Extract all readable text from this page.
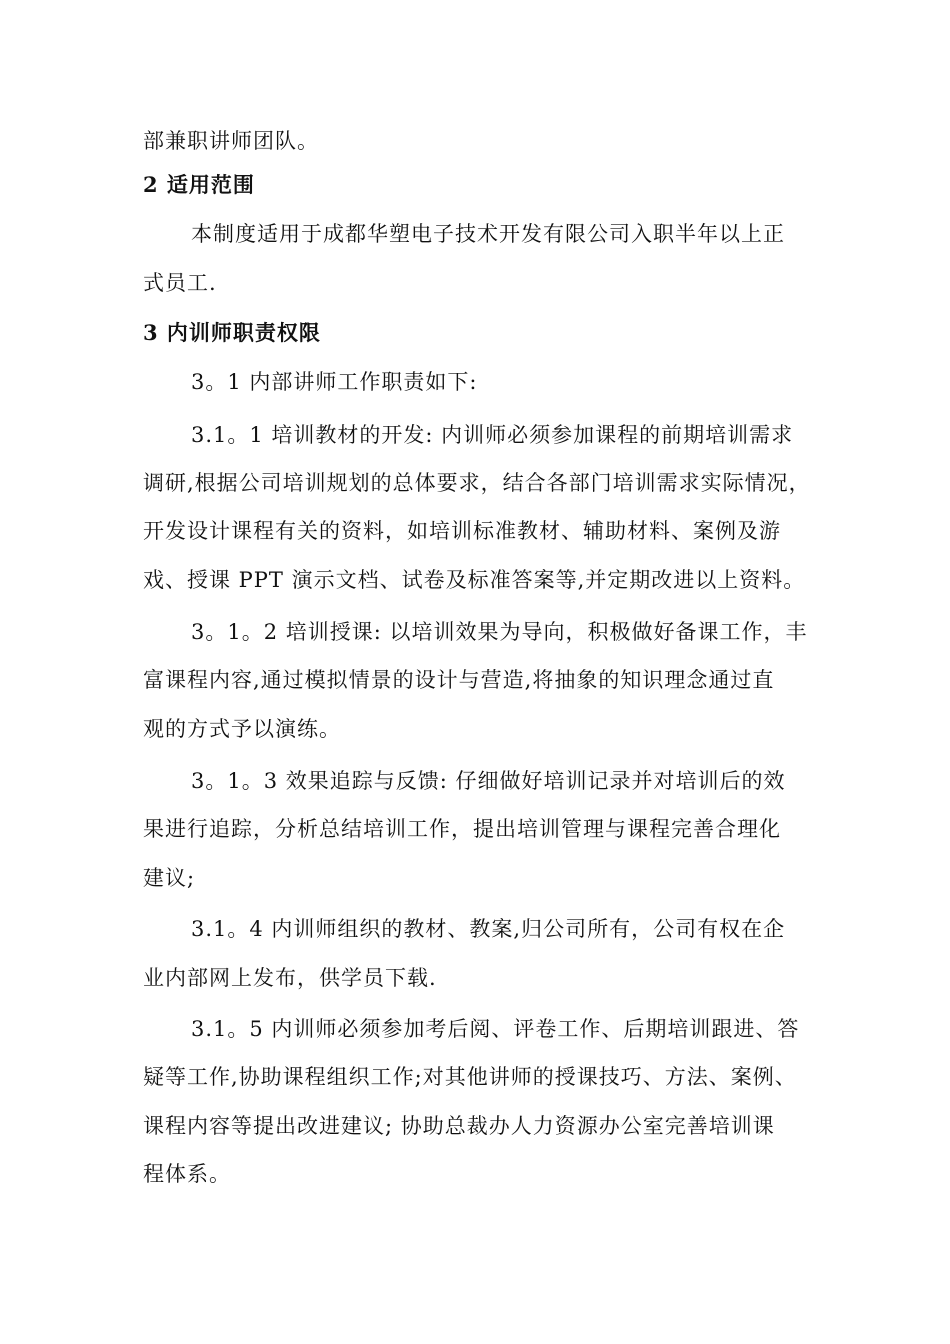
部兼职讲师团队。
2 适用范围
本制度适用于成都华塑电子技术开发有限公司入职半年以上正
式员工.
3 内训师职责权限
3。1 内部讲师工作职责如下:
3.1。1 培训教材的开发: 内训师必须参加课程的前期培训需求
调研,根据公司培训规划的总体要求，结合各部门培训需求实际情况，
开发设计课程有关的资料，如培训标准教材、辅助材料、案例及游
戏、授课 PPT 演示文档、试卷及标准答案等,并定期改进以上资料。
3。1。2 培训授课: 以培训效果为导向，积极做好备课工作，丰
富课程内容,通过模拟情景的设计与营造,将抽象的知识理念通过直
观的方式予以演练。
3。1。3 效果追踪与反馈: 仔细做好培训记录并对培训后的效
果进行追踪，分析总结培训工作，提出培训管理与课程完善合理化
建议;
3.1。4 内训师组织的教材、教案,归公司所有，公司有权在企
业内部网上发布，供学员下载.
3.1。5 内训师必须参加考后阅、评卷工作、后期培训跟进、答
疑等工作,协助课程组织工作;对其他讲师的授课技巧、方法、案例、
课程内容等提出改进建议; 协助总裁办人力资源办公室完善培训课
程体系。
